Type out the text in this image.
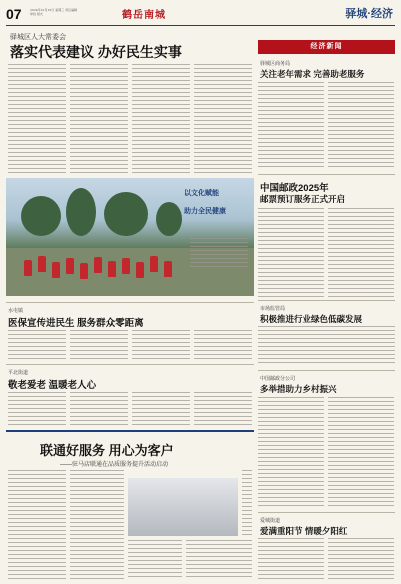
07	2024年10月16日 星期三 责任编辑 审校 版式	鹤岳南城	驿城·经济
驿城区人大常委会
落实代表建议 办好民生实事
以文化赋能
助力全民健康
经济新闻
驿城区商务局
关注老年需求 完善助老服务
中国邮政2025年
邮票预订服务正式开启
市场监管局
积极推进行业绿色低碳发展
中国邮政分公司
多举措助力乡村振兴
爱城街道
爱满重阳节 情暖夕阳红
水屯镇
医保宣传进民生 服务群众零距离
平北街道
敬老爱老 温暖老人心
联通好服务 用心为客户
——驻马店联通在品质服务提升活动启动
